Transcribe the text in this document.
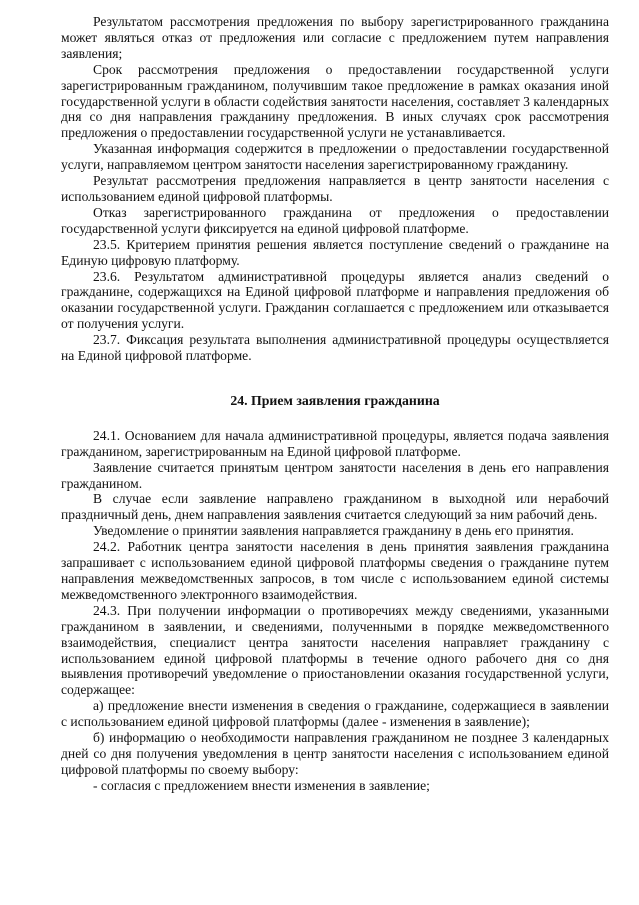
Результатом рассмотрения предложения по выбору зарегистрированного гражданина может являться отказ от предложения или согласие с предложением путем направления заявления;

Срок рассмотрения предложения о предоставлении государственной услуги зарегистрированным гражданином, получившим такое предложение в рамках оказания иной государственной услуги в области содействия занятости населения, составляет 3 календарных дня со дня направления гражданину предложения. В иных случаях срок рассмотрения предложения о предоставлении государственной услуги не устанавливается.

Указанная информация содержится в предложении о предоставлении государственной услуги, направляемом центром занятости населения зарегистрированному гражданину.

Результат рассмотрения предложения направляется в центр занятости населения с использованием единой цифровой платформы.

Отказ зарегистрированного гражданина от предложения о предоставлении государственной услуги фиксируется на единой цифровой платформе.

23.5. Критерием принятия решения является поступление сведений о гражданине на Единую цифровую платформу.

23.6. Результатом административной процедуры является анализ сведений о гражданине, содержащихся на Единой цифровой платформе и направления предложения об оказании государственной услуги. Гражданин соглашается с предложением или отказывается от получения услуги.

23.7. Фиксация результата выполнения административной процедуры осуществляется на Единой цифровой платформе.

24. Прием заявления гражданина

24.1. Основанием для начала административной процедуры, является подача заявления гражданином, зарегистрированным на Единой цифровой платформе.

Заявление считается принятым центром занятости населения в день его направления гражданином.

В случае если заявление направлено гражданином в выходной или нерабочий праздничный день, днем направления заявления считается следующий за ним рабочий день.

Уведомление о принятии заявления направляется гражданину в день его принятия.

24.2. Работник центра занятости населения в день принятия заявления гражданина запрашивает с использованием единой цифровой платформы сведения о гражданине путем направления межведомственных запросов, в том числе с использованием единой системы межведомственного электронного взаимодействия.

24.3. При получении информации о противоречиях между сведениями, указанными гражданином в заявлении, и сведениями, полученными в порядке межведомственного взаимодействия, специалист центра занятости населения направляет гражданину с использованием единой цифровой платформы в течение одного рабочего дня со дня выявления противоречий уведомление о приостановлении оказания государственной услуги, содержащее:

а) предложение внести изменения в сведения о гражданине, содержащиеся в заявлении с использованием единой цифровой платформы (далее - изменения в заявление);

б) информацию о необходимости направления гражданином не позднее 3 календарных дней со дня получения уведомления в центр занятости населения с использованием единой цифровой платформы по своему выбору:

- согласия с предложением внести изменения в заявление;
